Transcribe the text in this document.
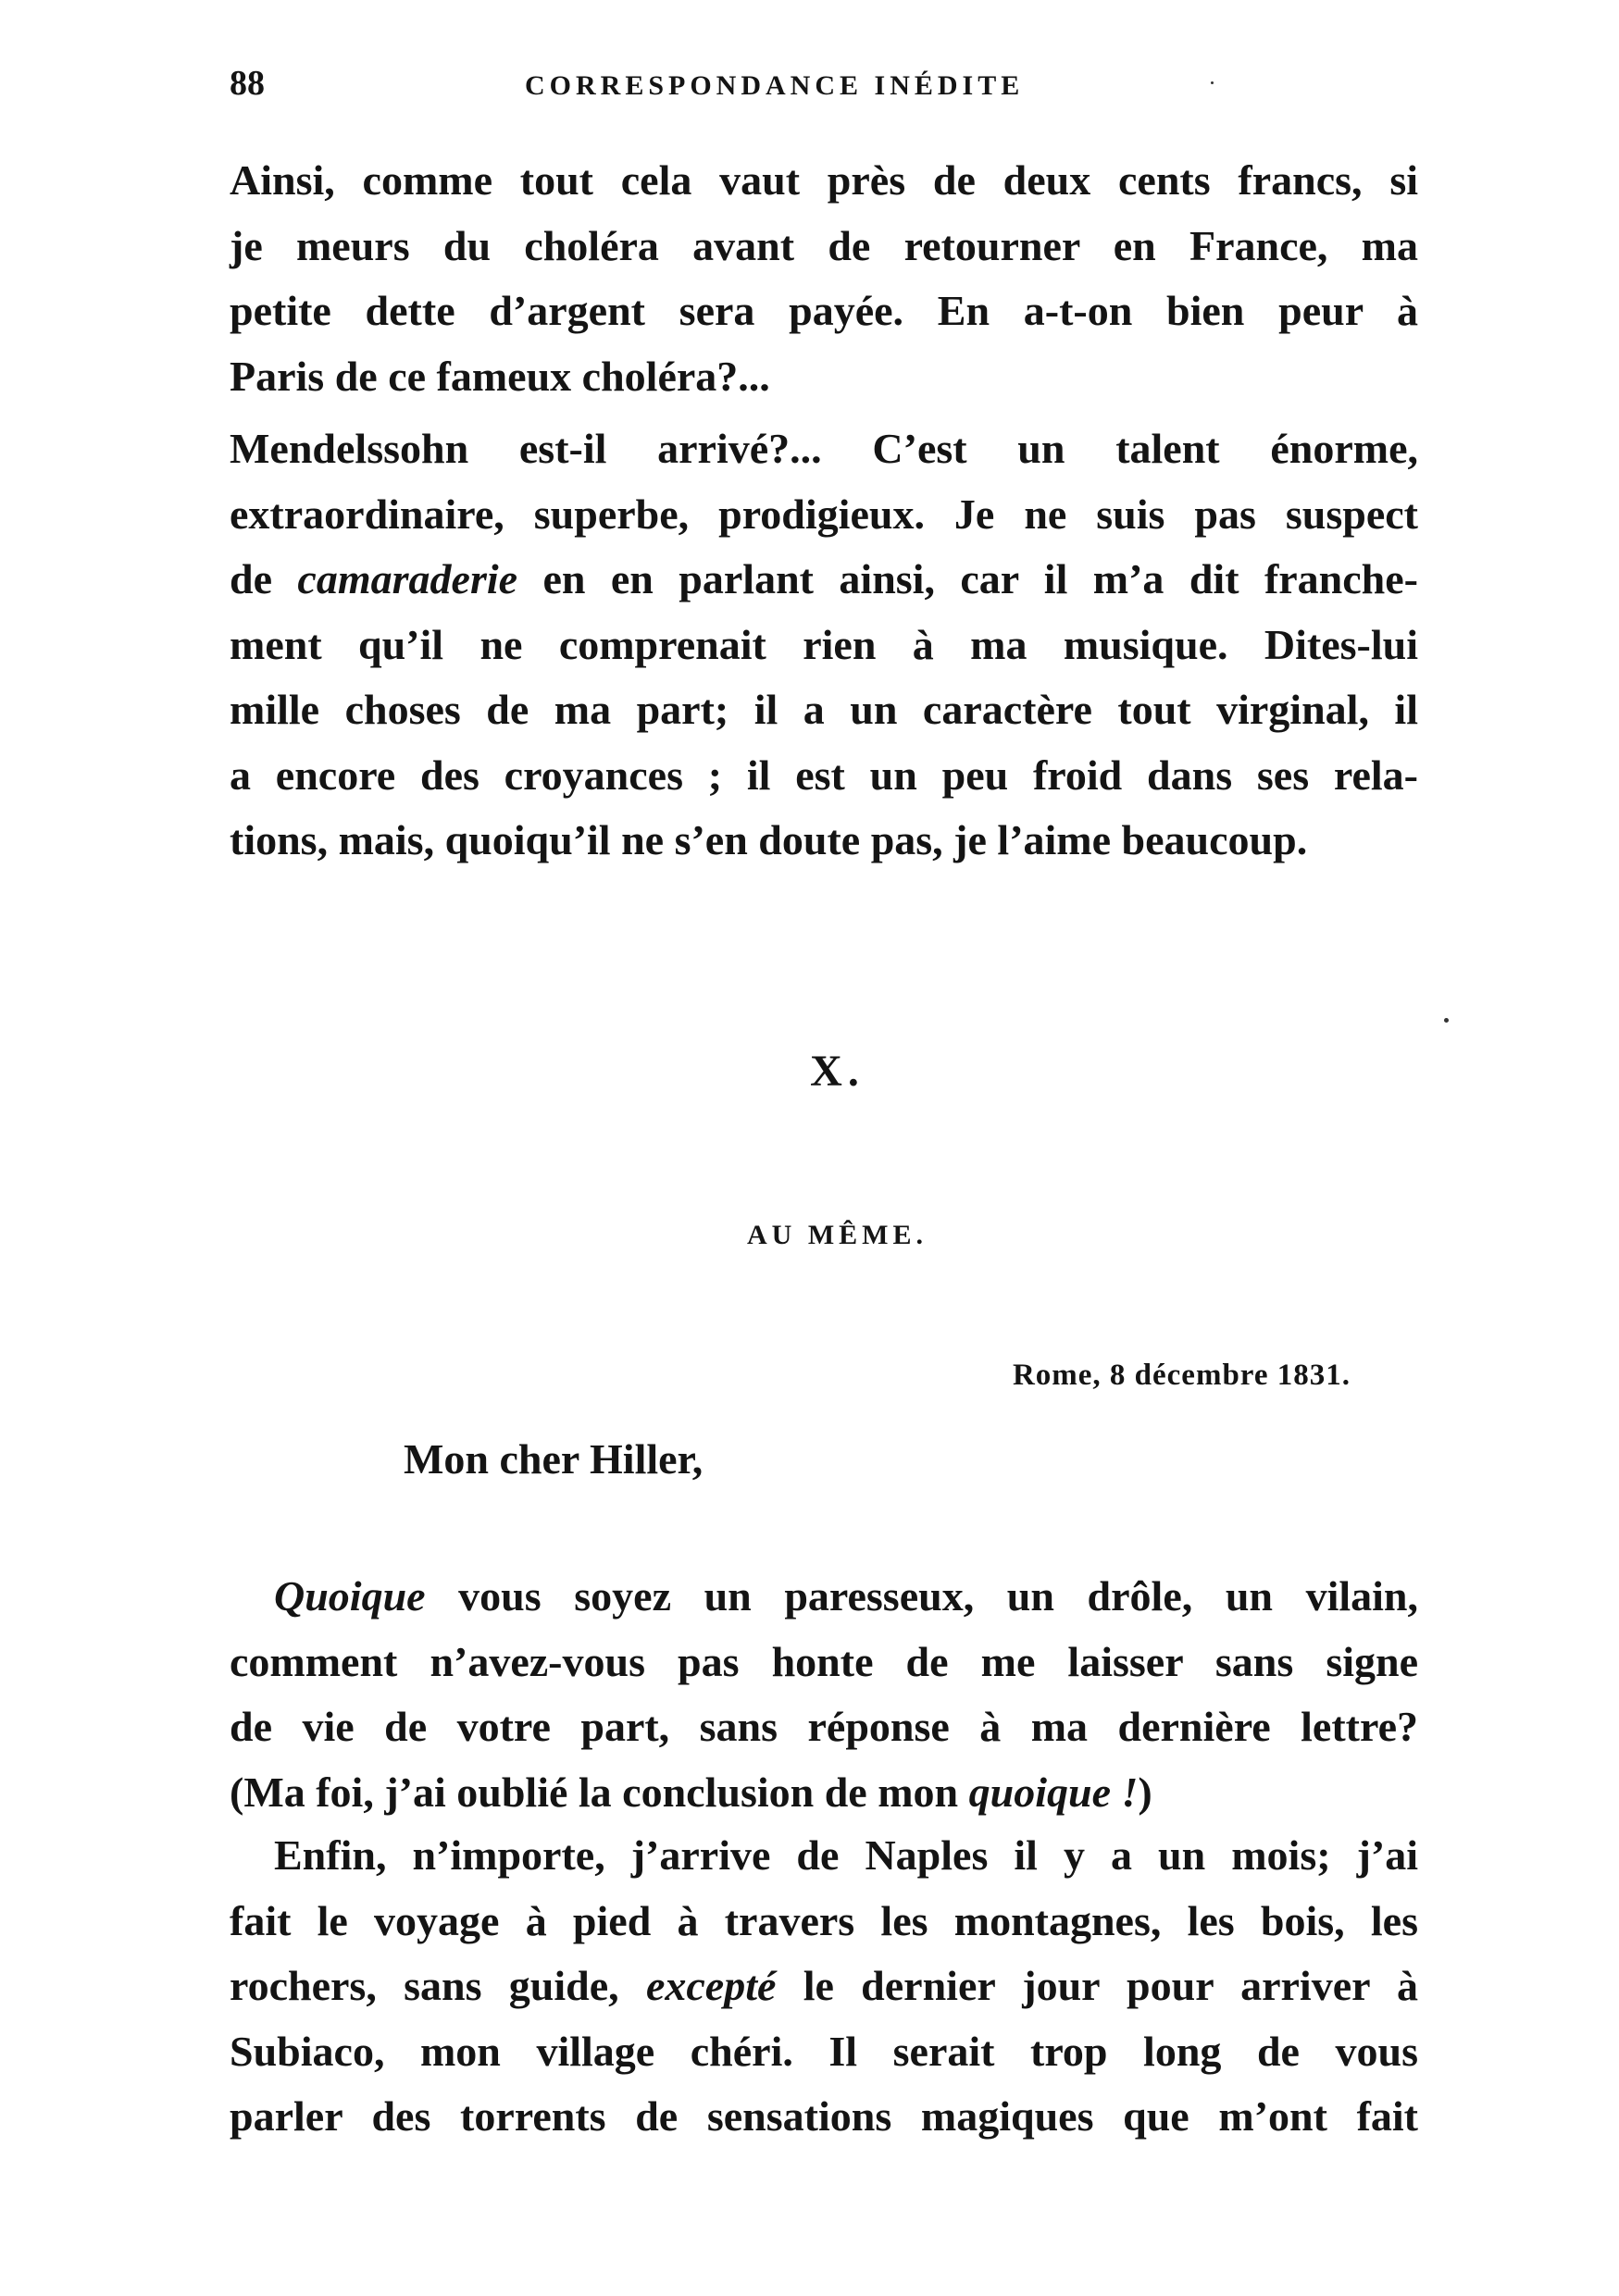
88	CORRESPONDANCE INÉDITE
Ainsi, comme tout cela vaut près de deux cents francs, si
je meurs du choléra avant de retourner en France, ma
petite dette d’argent sera payée. En a-t-on bien peur à
Paris de ce fameux choléra?...
Mendelssohn est-il arrivé?... C’est un talent énorme,
extraordinaire, superbe, prodigieux. Je ne suis pas suspect
de camaraderie en en parlant ainsi, car il m’a dit franche-
ment qu’il ne comprenait rien à ma musique. Dites-lui
mille choses de ma part; il a un caractère tout virginal, il
a encore des croyances ; il est un peu froid dans ses rela-
tions, mais, quoiqu’il ne s’en doute pas, je l’aime beaucoup.
X.
AU MÊME.
Rome, 8 décembre 1831.
Mon cher Hiller,
Quoique vous soyez un paresseux, un drôle, un vilain,
comment n’avez-vous pas honte de me laisser sans signe
de vie de votre part, sans réponse à ma dernière lettre?
(Ma foi, j’ai oublié la conclusion de mon quoique !)
Enfin, n’importe, j’arrive de Naples il y a un mois; j’ai
fait le voyage à pied à travers les montagnes, les bois, les
rochers, sans guide, excepté le dernier jour pour arriver à
Subiaco, mon village chéri. Il serait trop long de vous
parler des torrents de sensations magiques que m’ont fait
